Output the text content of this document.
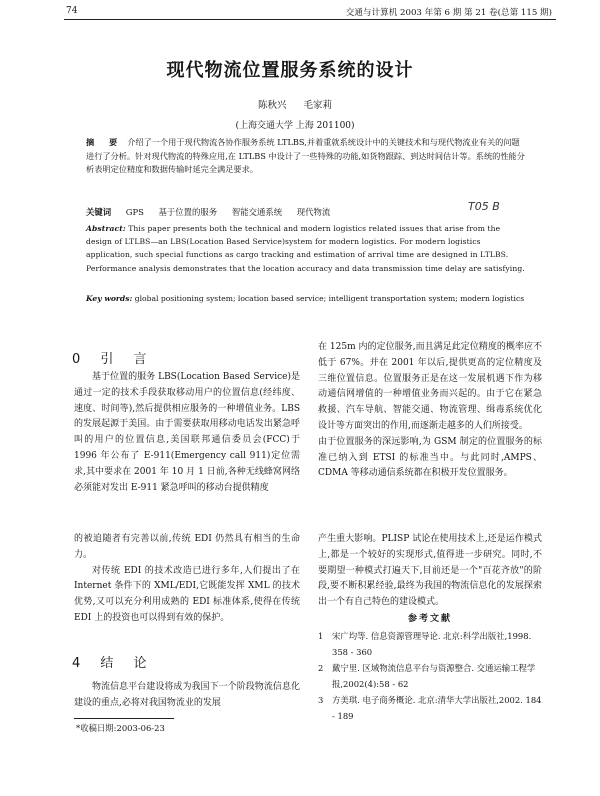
74	交通与计算机 2003 年第 6 期 第 21 卷(总第 115 期)
现代物流位置服务系统的设计
陈秋兴 毛家莉
(上海交通大学 上海 201100)
摘 要 介绍了一个用于现代物流各协作服务系统 LTLBS,并着重就系统设计中的关键技术和与现代物流业有关的问题进行了分析。针对现代物流的特殊应用,在 LTLBS 中设计了一些特殊的功能,如货物跟踪、到达时间估计等。系统的性能分析表明定位精度和数据传输时延完全满足要求。
关键词 GPS 基于位置的服务 智能交通系统 现代物流	T05 B
Abstract: This paper presents both the technical and modern logistics related issues that arise from the design of LTLBS—an LBS(Location Based Service)system for modern logistics. For modern logistics application, such special functions as cargo tracking and estimation of arrival time are designed in LTLBS. Performance analysis demonstrates that the location accuracy and data transmission time delay are satisfying.
Key words: global positioning system; location based service; intelligent transportation system; modern logistics
0 引 言

基于位置的服务 LBS(Location Based Service)是通过一定的技术手段获取移动用户的位置信息(经纬度、速度、时间等),然后提供相应服务的一种增值业务。LBS 的发展起源于美国。由于需要获取用移动电话发出紧急呼叫的用户的位置信息,美国联邦通信委员会(FCC)于 1996 年公布了 E-911(Emergency call 911)定位需求,其中要求在 2001 年 10 月 1 日前,各种无线蜂窝网络必须能对发出 E-911 紧急呼叫的移动台提供精度

在 125m 内的定位服务,而且满足此定位精度的概率应不低于 67%。并在 2001 年以后,提供更高的定位精度及三维位置信息。位置服务正是在这一发展机遇下作为移动通信网增值的一种增值业务而兴起的。由于它在紧急救援、汽车导航、智能交通、物流管理、缉毒系统优化设计等方面突出的作用,而逐渐走越多的人们所接受。
由于位置服务的深远影响,为 GSM 制定的位置服务的标准已纳入到 ETSI 的标准当中。与此同时,AMPS、CDMA 等移动通信系统都在积极开发位置服务。

的被追随者有完善以前,传统 EDI 仍然具有相当的生命力。

对传统 EDI 的技术改造已进行多年,人们提出了在 Internet 条件下的 XML/EDI,它既能发挥 XML 的技术优势,又可以充分利用成熟的 EDI 标准体系,使得在传统 EDI 上的投资也可以得到有效的保护。

4 结 论

物流信息平台建设将成为我国下一个阶段物流信息化建设的重点,必将对我国物流业的发展

产生重大影响。PLISP 试论在使用技术上,还是运作模式上,都是一个较好的实现形式,值得进一步研究。同时,不要期望一种模式打遍天下,目前还是一个"百花齐放"的阶段,要不断积累经验,最终为我国的物流信息化的发展探索出一个有自己特色的建设模式。

参考文献
1	宋广均等. 信息资源管理导论. 北京:科学出版社,1998. 358 - 360
2	戴宁里. 区域物流信息平台与资源整合. 交通运输工程学报,2002(4):58 - 62
3	方美琪. 电子商务概论. 北京:清华大学出版社,2002. 184 - 189
*收稿日期:2003-06-23
